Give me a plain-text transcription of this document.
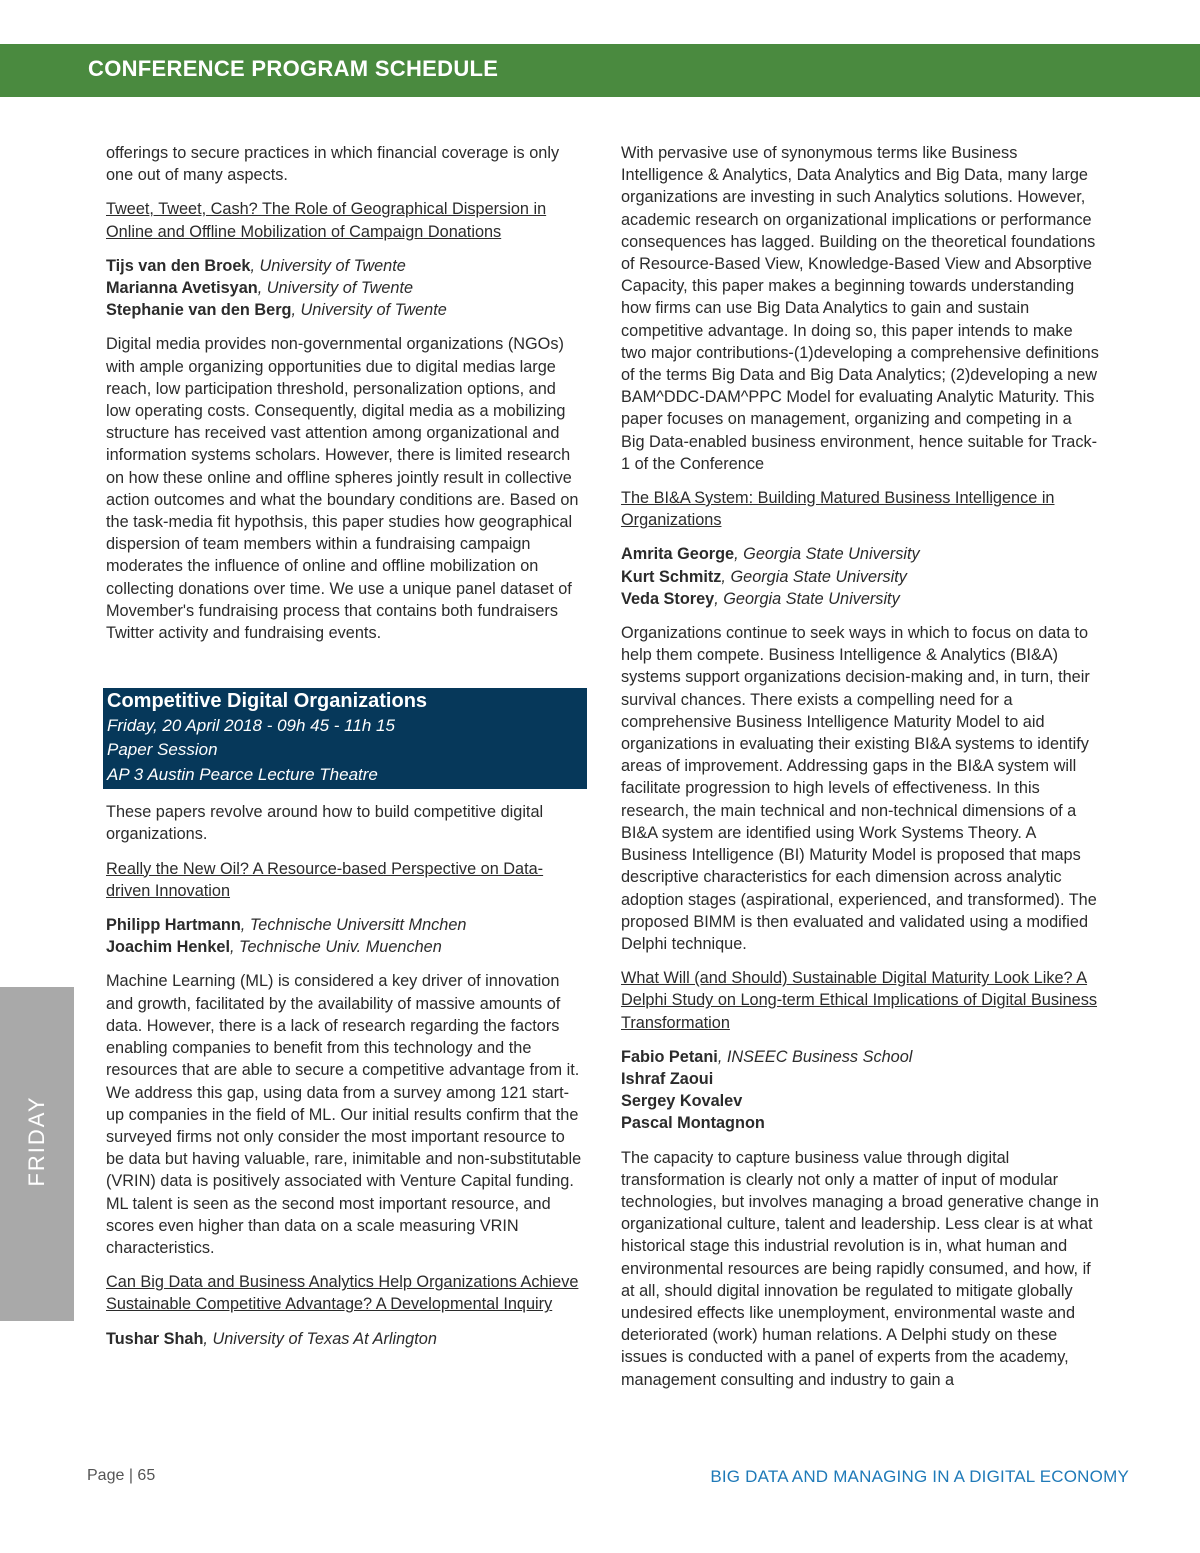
CONFERENCE PROGRAM SCHEDULE

offerings to secure practices in which financial coverage is only one out of many aspects.

Tweet, Tweet, Cash? The Role of Geographical Dispersion in Online and Offline Mobilization of Campaign Donations

Tijs van den Broek, University of Twente
Marianna Avetisyan, University of Twente
Stephanie van den Berg, University of Twente

Digital media provides non-governmental organizations (NGOs) with ample organizing opportunities due to digital medias large reach, low participation threshold, personalization options, and low operating costs. Consequently, digital media as a mobilizing structure has received vast attention among organizational and information systems scholars. However, there is limited research on how these online and offline spheres jointly result in collective action outcomes and what the boundary conditions are. Based on the task-media fit hypothsis, this paper studies how geographical dispersion of team members within a fundraising campaign moderates the influence of online and offline mobilization on collecting donations over time. We use a unique panel dataset of Movember's fundraising process that contains both fundraisers Twitter activity and fundraising events.

Competitive Digital Organizations
Friday, 20 April 2018 - 09h 45 - 11h 15
Paper Session
AP 3 Austin Pearce Lecture Theatre

These papers revolve around how to build competitive digital organizations.

Really the New Oil? A Resource-based Perspective on Data-driven Innovation

Philipp Hartmann, Technische Universitt Mnchen
Joachim Henkel, Technische Univ. Muenchen

Machine Learning (ML) is considered a key driver of innovation and growth, facilitated by the availability of massive amounts of data. However, there is a lack of research regarding the factors enabling companies to benefit from this technology and the resources that are able to secure a competitive advantage from it. We address this gap, using data from a survey among 121 start-up companies in the field of ML. Our initial results confirm that the surveyed firms not only consider the most important resource to be data but having valuable, rare, inimitable and non-substitutable (VRIN) data is positively associated with Venture Capital funding. ML talent is seen as the second most important resource, and scores even higher than data on a scale measuring VRIN characteristics.

Can Big Data and Business Analytics Help Organizations Achieve Sustainable Competitive Advantage? A Developmental Inquiry

Tushar Shah, University of Texas At Arlington

With pervasive use of synonymous terms like Business Intelligence & Analytics, Data Analytics and Big Data, many large organizations are investing in such Analytics solutions. However, academic research on organizational implications or performance consequences has lagged. Building on the theoretical foundations of Resource-Based View, Knowledge-Based View and Absorptive Capacity, this paper makes a beginning towards understanding how firms can use Big Data Analytics to gain and sustain competitive advantage. In doing so, this paper intends to make two major contributions-(1)developing a comprehensive definitions of the terms Big Data and Big Data Analytics; (2)developing a new BAM^DDC-DAM^PPC Model for evaluating Analytic Maturity. This paper focuses on management, organizing and competing in a Big Data-enabled business environment, hence suitable for Track-1 of the Conference

The BI&A System: Building Matured Business Intelligence in Organizations

Amrita George, Georgia State University
Kurt Schmitz, Georgia State University
Veda Storey, Georgia State University

Organizations continue to seek ways in which to focus on data to help them compete. Business Intelligence & Analytics (BI&A) systems support organizations decision-making and, in turn, their survival chances. There exists a compelling need for a comprehensive Business Intelligence Maturity Model to aid organizations in evaluating their existing BI&A systems to identify areas of improvement. Addressing gaps in the BI&A system will facilitate progression to high levels of effectiveness. In this research, the main technical and non-technical dimensions of a BI&A system are identified using Work Systems Theory. A Business Intelligence (BI) Maturity Model is proposed that maps descriptive characteristics for each dimension across analytic adoption stages (aspirational, experienced, and transformed). The proposed BIMM is then evaluated and validated using a modified Delphi technique.

What Will (and Should) Sustainable Digital Maturity Look Like? A Delphi Study on Long-term Ethical Implications of Digital Business Transformation

Fabio Petani, INSEEC Business School
Ishraf Zaoui
Sergey Kovalev
Pascal Montagnon

The capacity to capture business value through digital transformation is clearly not only a matter of input of modular technologies, but involves managing a broad generative change in organizational culture, talent and leadership. Less clear is at what historical stage this industrial revolution is in, what human and environmental resources are being rapidly consumed, and how, if at all, should digital innovation be regulated to mitigate globally undesired effects like unemployment, environmental waste and deteriorated (work) human relations. A Delphi study on these issues is conducted with a panel of experts from the academy, management consulting and industry to gain a

FRIDAY
Page | 65	BIG DATA AND MANAGING IN A DIGITAL ECONOMY
